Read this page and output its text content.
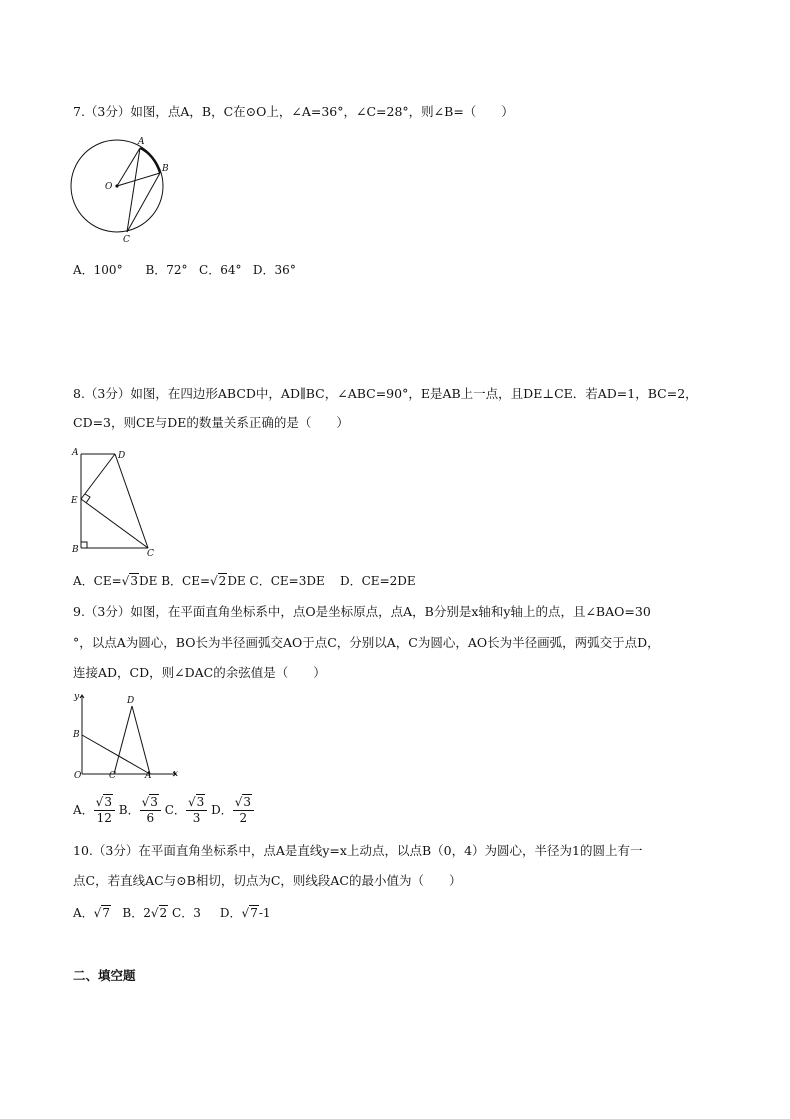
7.（3分）如图，点A，B，C在⊙O上，∠A=36°，∠C=28°，则∠B=（　　）
A
B
O
C
A．100° B．72° C．64° D．36°
8.（3分）如图，在四边形ABCD中，AD∥BC，∠ABC=90°，E是AB上一点，且DE⊥CE．若AD=1，BC=2，
CD=3，则CE与DE的数量关系正确的是（　　）
A	D
E
B	C
A．CE=√3DE B．CE=√2DE C．CE=3DE D．CE=2DE
9.（3分）如图，在平面直角坐标系中，点O是坐标原点，点A，B分别是x轴和y轴上的点，且∠BAO=30
°，以点A为圆心，BO长为半径画弧交AO于点C，分别以A，C为圆心，AO长为半径画弧，两弧交于点D，
连接AD，CD，则∠DAC的余弦值是（　　）
y	D
B
O	C	A x
A． $\frac{√3}{12}$ B． $\frac{√3}{6}$ C． $\frac{√3}{3}$ D． $\frac{√3}{2}$
10.（3分）在平面直角坐标系中，点A是直线y=x上动点，以点B（0，4）为圆心，半径为1的圆上有一
点C，若直线AC与⊙B相切，切点为C，则线段AC的最小值为（　　）
A．√7 B．2√2 C．3 D．√7-1
二、填空题
